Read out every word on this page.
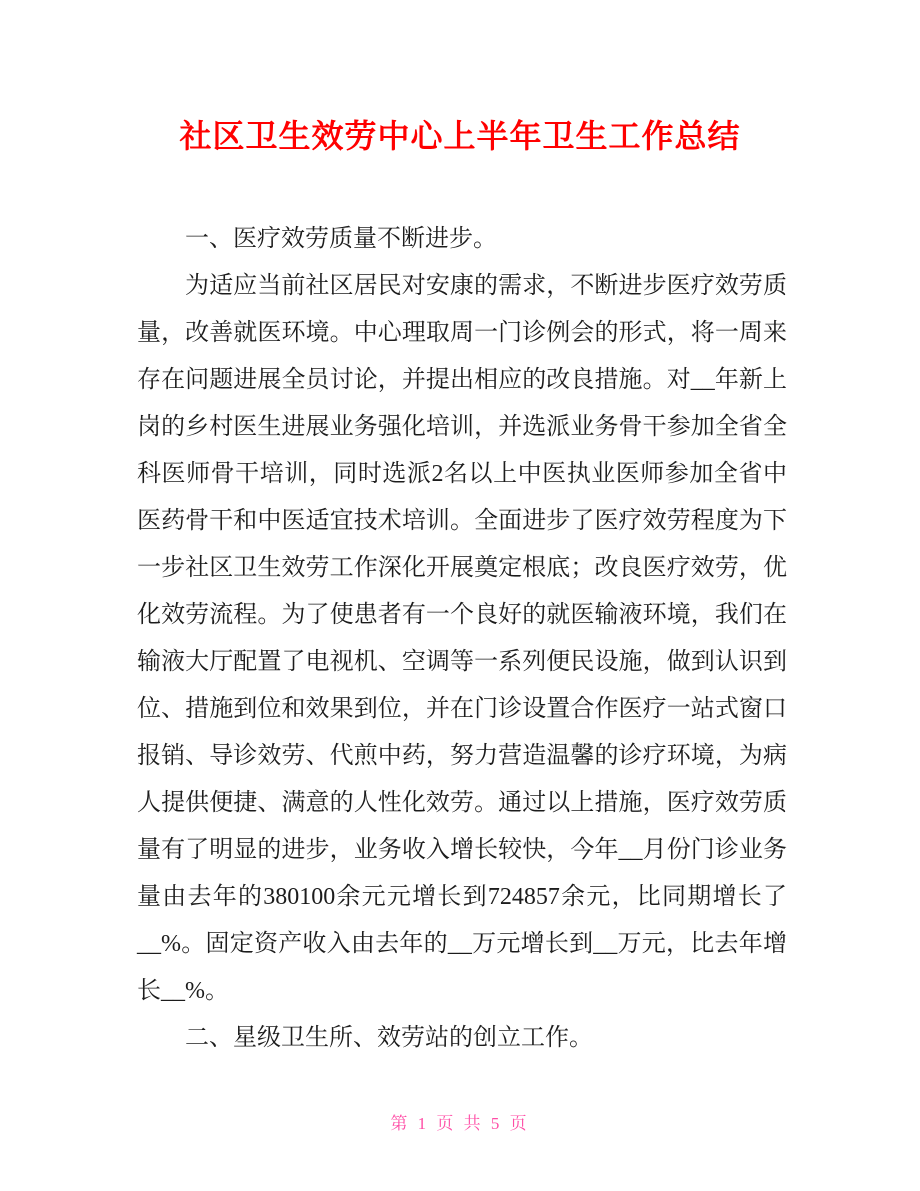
社区卫生效劳中心上半年卫生工作总结

一、医疗效劳质量不断进步。

为适应当前社区居民对安康的需求，不断进步医疗效劳质量，改善就医环境。中心理取周一门诊例会的形式，将一周来存在问题进展全员讨论，并提出相应的改良措施。对__年新上岗的乡村医生进展业务强化培训，并选派业务骨干参加全省全科医师骨干培训，同时选派2名以上中医执业医师参加全省中医药骨干和中医适宜技术培训。全面进步了医疗效劳程度为下一步社区卫生效劳工作深化开展奠定根底；改良医疗效劳，优化效劳流程。为了使患者有一个良好的就医输液环境，我们在输液大厅配置了电视机、空调等一系列便民设施，做到认识到位、措施到位和效果到位，并在门诊设置合作医疗一站式窗口报销、导诊效劳、代煎中药，努力营造温馨的诊疗环境，为病人提供便捷、满意的人性化效劳。通过以上措施，医疗效劳质量有了明显的进步，业务收入增长较快，今年__月份门诊业务量由去年的380100余元元增长到724857余元，比同期增长了__%。固定资产收入由去年的__万元增长到__万元，比去年增长__%。

二、星级卫生所、效劳站的创立工作。

第 1 页 共 5 页
